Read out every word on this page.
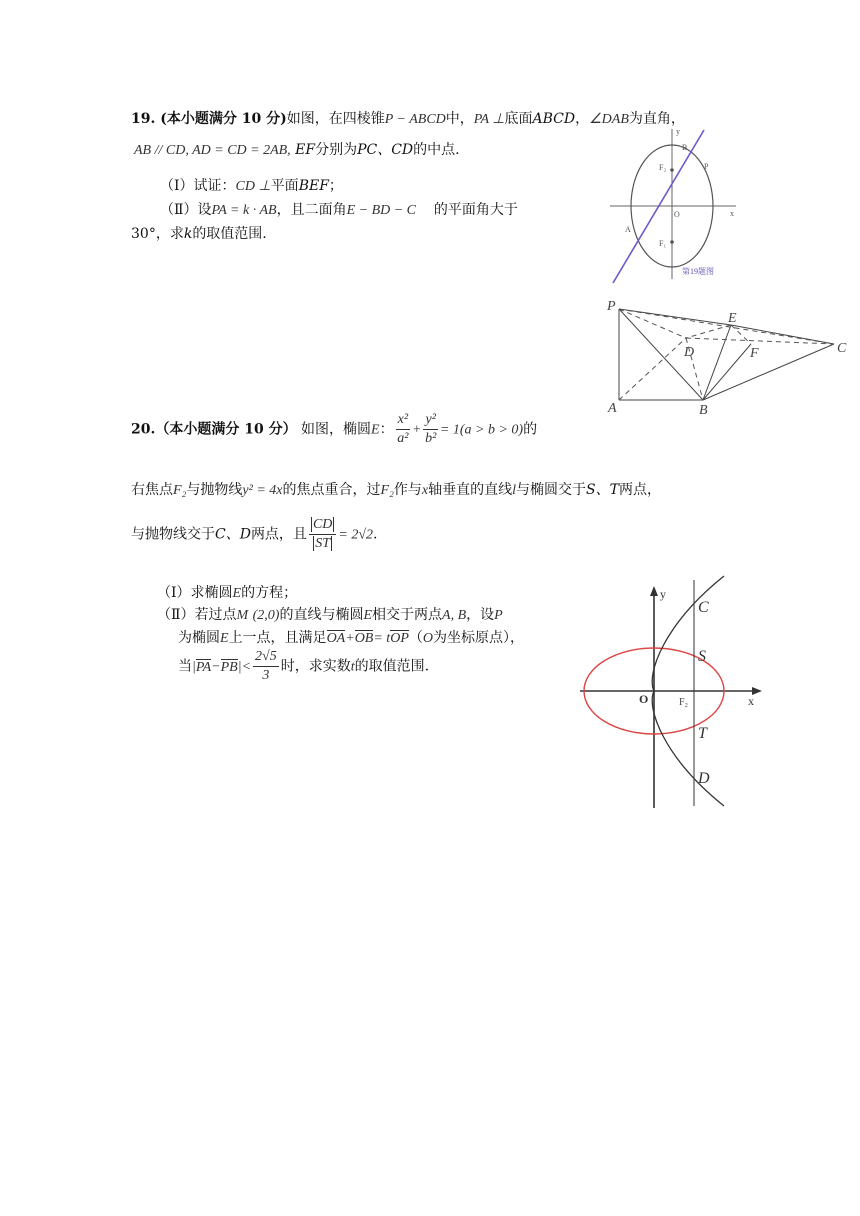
19. (本小题满分 10 分)如图，在四棱锥P − ABCD中，PA ⊥底面ABCD，∠DAB为直角，
AB // CD, AD = CD = 2AB, EF分别为PC、CD的中点.
（Ⅰ）试证：CD ⊥平面BEF；
（Ⅱ）设PA = k · AB，且二面角E − BD − C 的平面角大于
30°，求k的取值范围.
y
x
O
F₂
F₁
B
P
A
第19题图
P
E
C
D	F
A	B
20.（本小题满分 10 分） 如图，椭圆E： $\frac{\text{x²}}{\text{a²}} + \frac{\text{y²}}{\text{b²}} = 1(a > b > 0)$的
右焦点F₂与抛物线y² = 4x的焦点重合，过F₂作与x轴垂直的直线l与椭圆交于S、T两点，
与抛物线交于C、D两点，且 $\frac{CD}{ST} = 2√2$.
（Ⅰ）求椭圆E的方程；
（Ⅱ）若过点M (2,0)的直线与椭圆E相交于两点A, B，设P
为椭圆E上一点，且满足OA+OB= tOP（O为坐标原点），
当$|PA-PB|< \frac{2√5}{3}$ 时，求实数t的取值范围.
y
x
O	F₂
C
S
T
D
